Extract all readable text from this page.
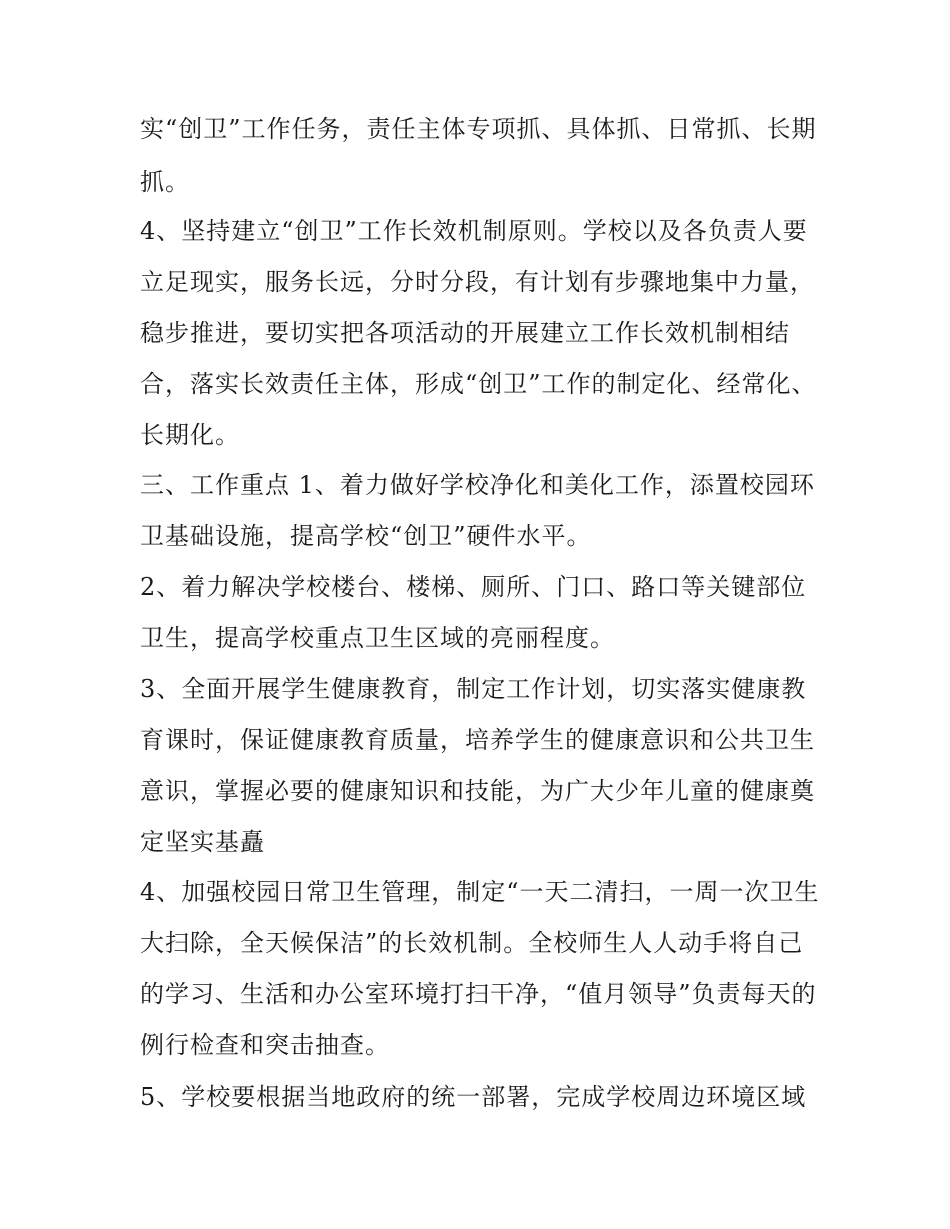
实“创卫”工作任务，责任主体专项抓、具体抓、日常抓、长期
抓。
4、坚持建立“创卫”工作长效机制原则。学校以及各负责人要
立足现实，服务长远，分时分段，有计划有步骤地集中力量，
稳步推进，要切实把各项活动的开展建立工作长效机制相结
合，落实长效责任主体，形成“创卫”工作的制定化、经常化、
长期化。
三、工作重点 1、着力做好学校净化和美化工作，添置校园环
卫基础设施，提高学校“创卫”硬件水平。
2、着力解决学校楼台、楼梯、厕所、门口、路口等关键部位
卫生，提高学校重点卫生区域的亮丽程度。
3、全面开展学生健康教育，制定工作计划，切实落实健康教
育课时，保证健康教育质量，培养学生的健康意识和公共卫生
意识，掌握必要的健康知识和技能，为广大少年儿童的健康奠
定坚实基矗
4、加强校园日常卫生管理，制定“一天二清扫，一周一次卫生
大扫除，全天候保洁”的长效机制。全校师生人人动手将自己
的学习、生活和办公室环境打扫干净，“值月领导”负责每天的
例行检查和突击抽查。
5、学校要根据当地政府的统一部署，完成学校周边环境区域
